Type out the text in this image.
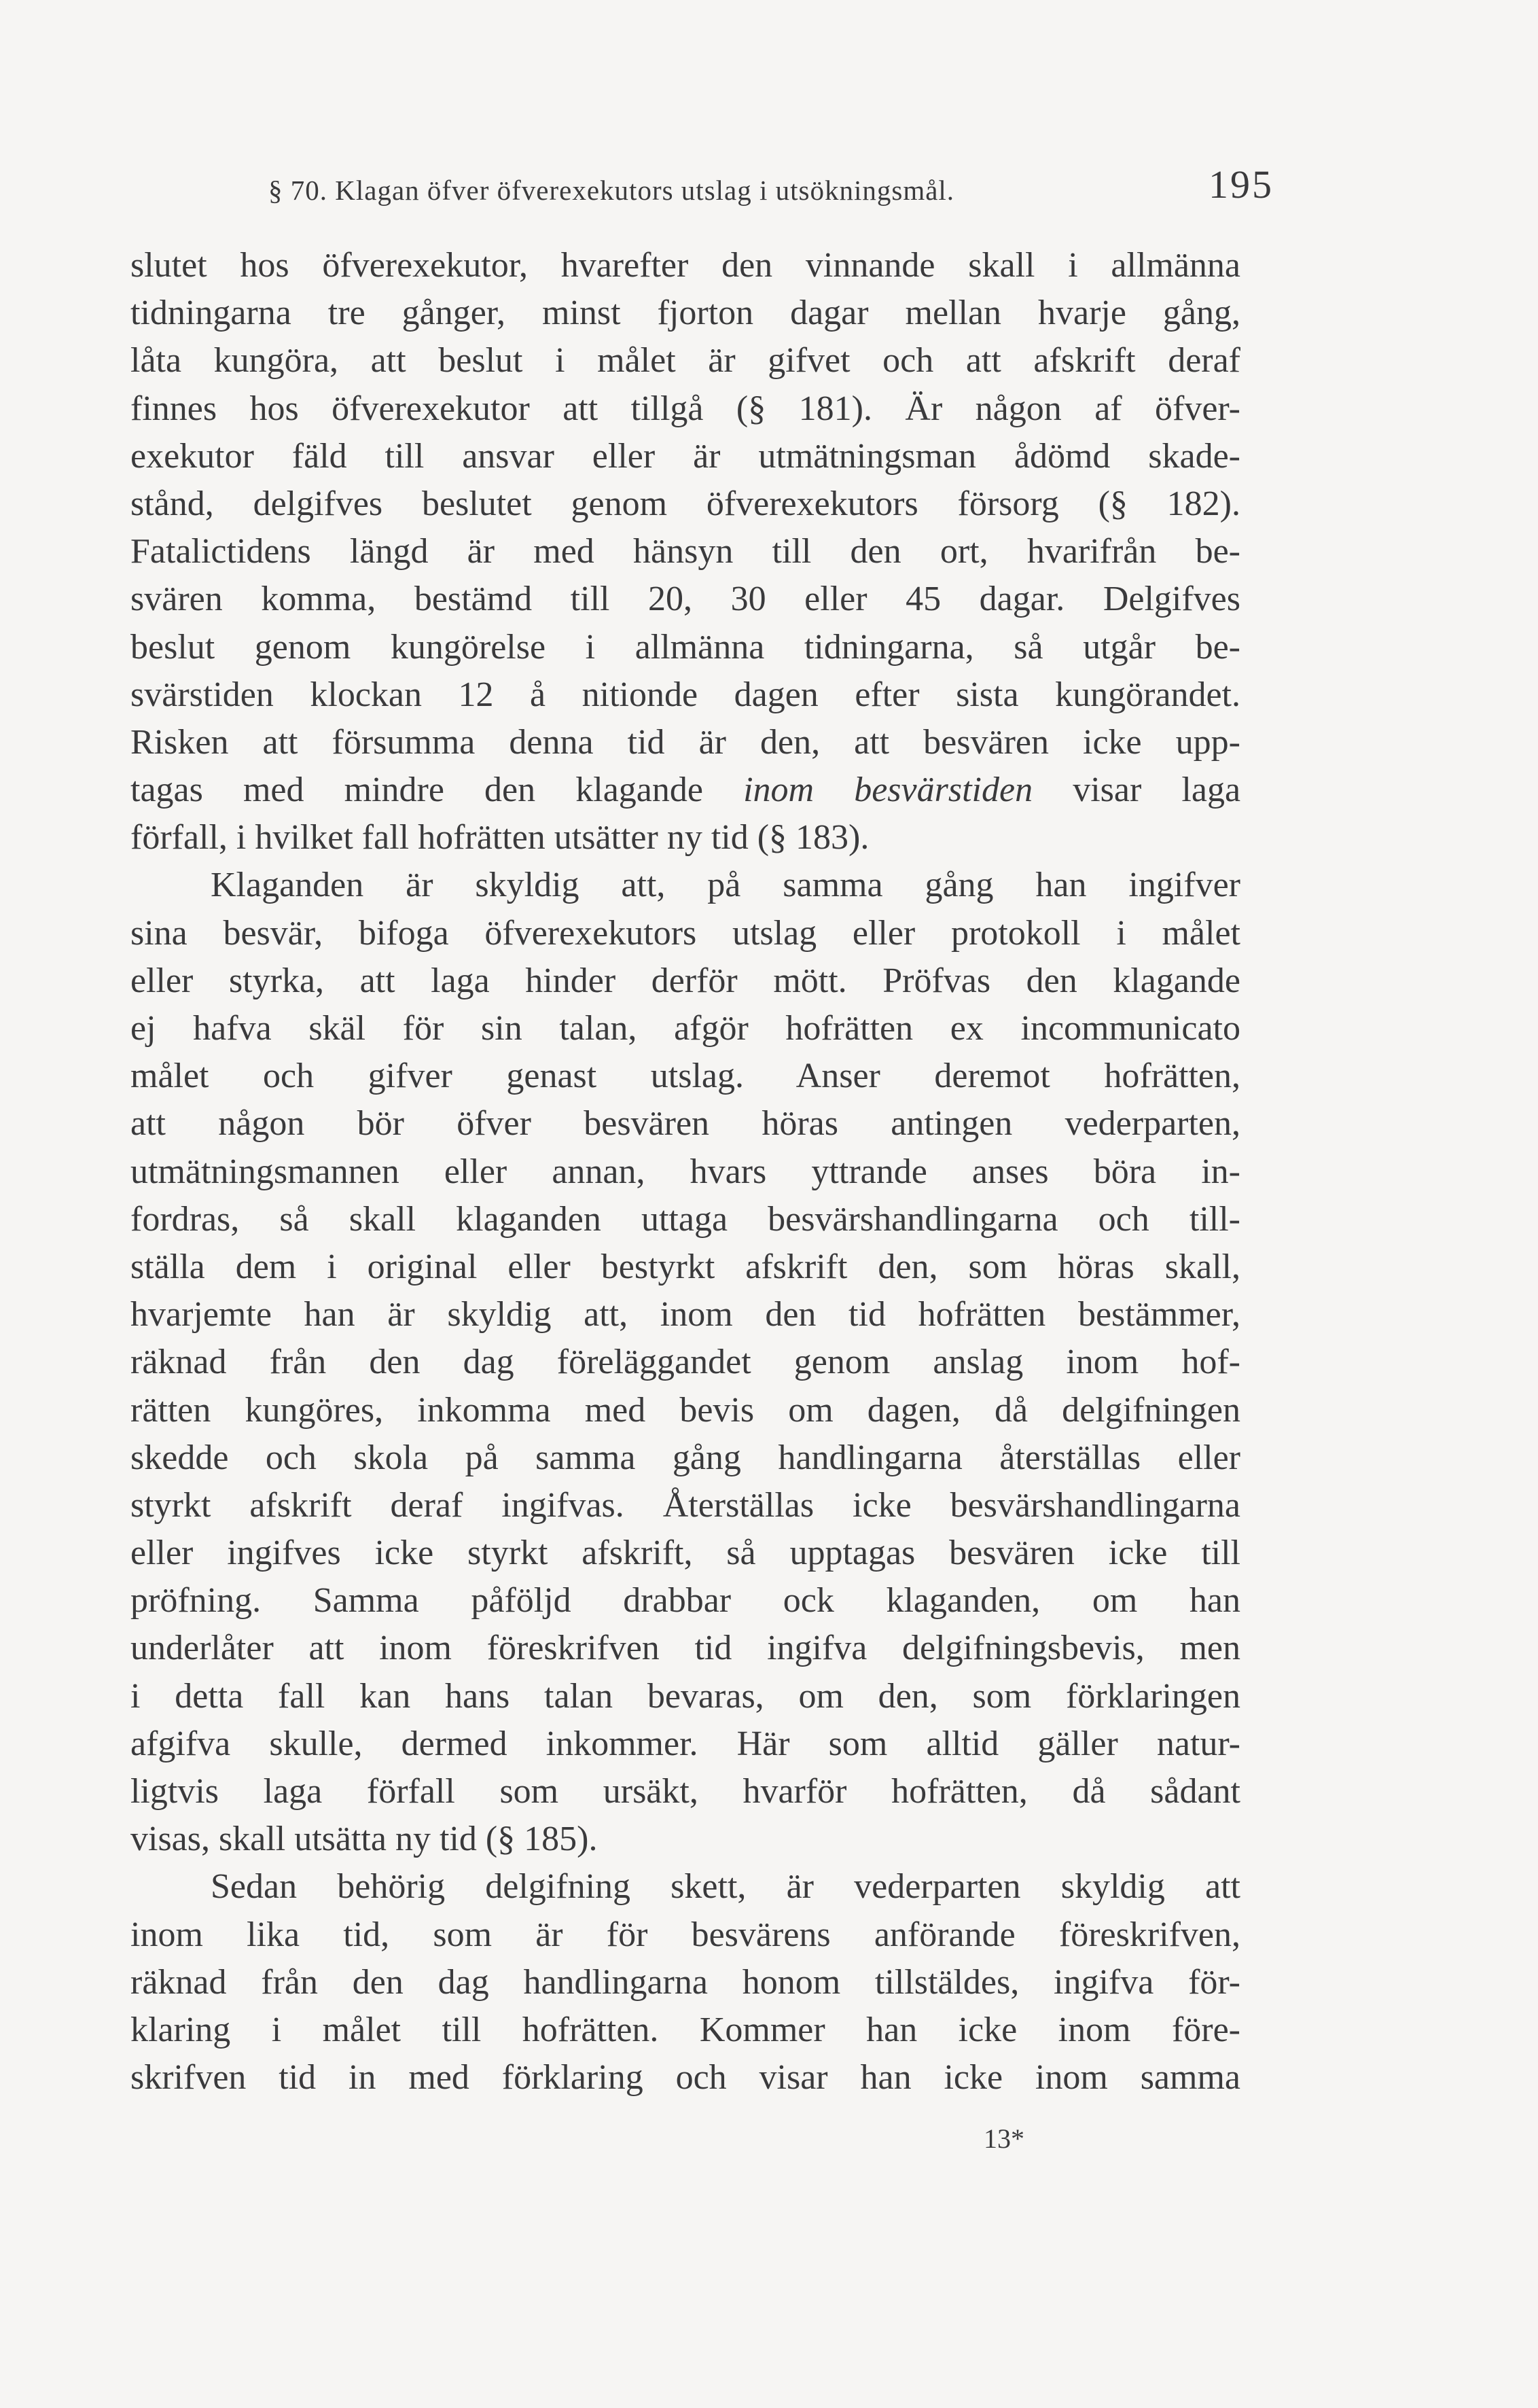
§ 70. Klagan öfver öfverexekutors utslag i utsökningsmål.	195
slutet hos öfverexekutor, hvarefter den vinnande skall i allmänna
tidningarna tre gånger, minst fjorton dagar mellan hvarje gång,
låta kungöra, att beslut i målet är gifvet och att afskrift deraf
finnes hos öfverexekutor att tillgå (§ 181). Är någon af öfver-
exekutor fäld till ansvar eller är utmätningsman ådömd skade-
stånd, delgifves beslutet genom öfverexekutors försorg (§ 182).
Fatalictidens längd är med hänsyn till den ort, hvarifrån be-
svären komma, bestämd till 20, 30 eller 45 dagar. Delgifves
beslut genom kungörelse i allmänna tidningarna, så utgår be-
svärstiden klockan 12 å nitionde dagen efter sista kungörandet.
Risken att försumma denna tid är den, att besvären icke upp-
tagas med mindre den klagande inom besvärstiden visar laga
förfall, i hvilket fall hofrätten utsätter ny tid (§ 183).
Klaganden är skyldig att, på samma gång han ingifver
sina besvär, bifoga öfverexekutors utslag eller protokoll i målet
eller styrka, att laga hinder derför mött. Pröfvas den klagande
ej hafva skäl för sin talan, afgör hofrätten ex incommunicato
målet och gifver genast utslag. Anser deremot hofrätten,
att någon bör öfver besvären höras antingen vederparten,
utmätningsmannen eller annan, hvars yttrande anses böra in-
fordras, så skall klaganden uttaga besvärshandlingarna och till-
ställa dem i original eller bestyrkt afskrift den, som höras skall,
hvarjemte han är skyldig att, inom den tid hofrätten bestämmer,
räknad från den dag föreläggandet genom anslag inom hof-
rätten kungöres, inkomma med bevis om dagen, då delgifningen
skedde och skola på samma gång handlingarna återställas eller
styrkt afskrift deraf ingifvas. Återställas icke besvärshandlingarna
eller ingifves icke styrkt afskrift, så upptagas besvären icke till
pröfning. Samma påföljd drabbar ock klaganden, om han
underlåter att inom föreskrifven tid ingifva delgifningsbevis, men
i detta fall kan hans talan bevaras, om den, som förklaringen
afgifva skulle, dermed inkommer. Här som alltid gäller natur-
ligtvis laga förfall som ursäkt, hvarför hofrätten, då sådant
visas, skall utsätta ny tid (§ 185).
Sedan behörig delgifning skett, är vederparten skyldig att
inom lika tid, som är för besvärens anförande föreskrifven,
räknad från den dag handlingarna honom tillstäldes, ingifva för-
klaring i målet till hofrätten. Kommer han icke inom före-
skrifven tid in med förklaring och visar han icke inom samma
13*
